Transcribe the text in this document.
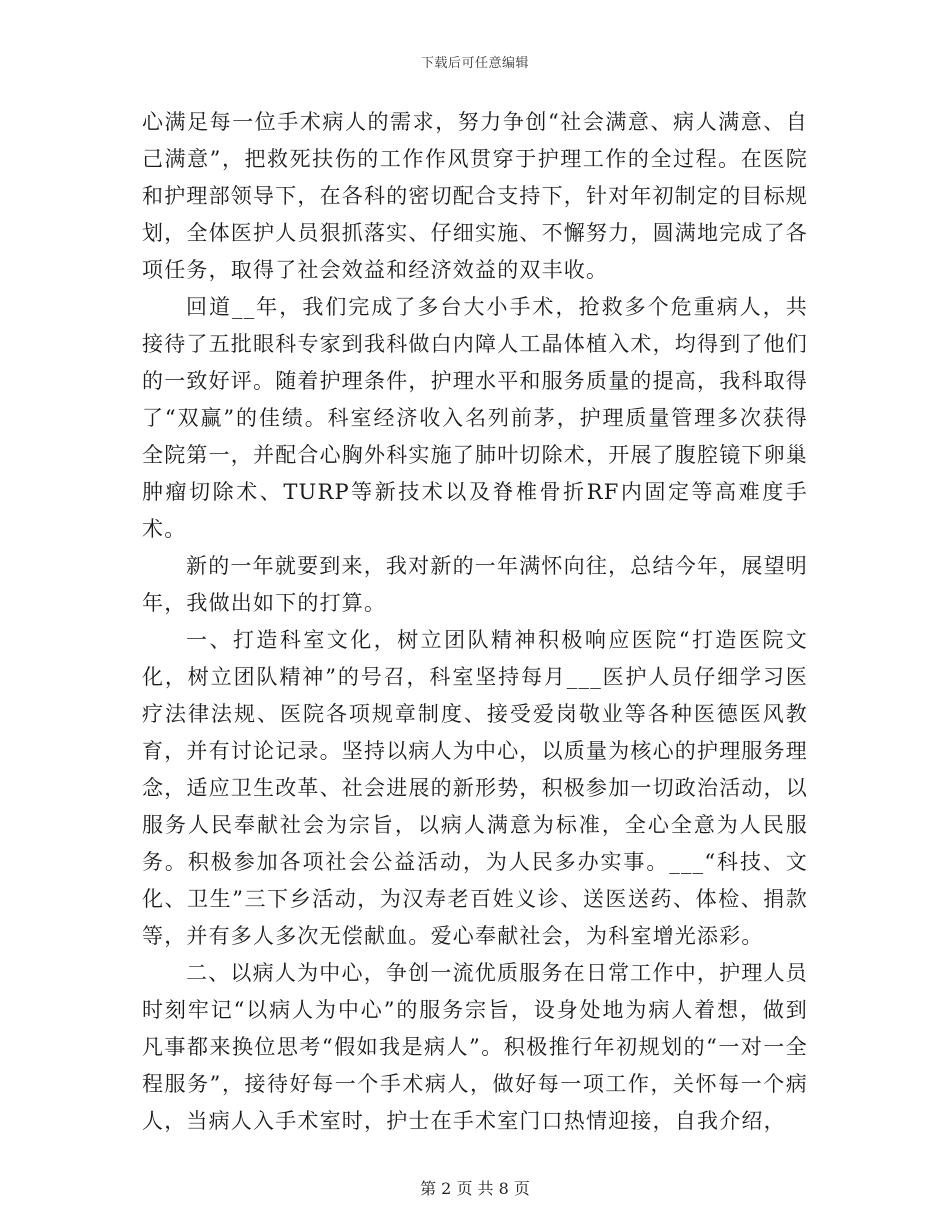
下载后可任意编辑

心满足每一位手术病人的需求，努力争创“社会满意、病人满意、自己满意”，把救死扶伤的工作作风贯穿于护理工作的全过程。在医院和护理部领导下，在各科的密切配合支持下，针对年初制定的目标规划，全体医护人员狠抓落实、仔细实施、不懈努力，圆满地完成了各项任务，取得了社会效益和经济效益的双丰收。

回道__年，我们完成了多台大小手术，抢救多个危重病人，共接待了五批眼科专家到我科做白内障人工晶体植入术，均得到了他们的一致好评。随着护理条件，护理水平和服务质量的提高，我科取得了“双赢”的佳绩。科室经济收入名列前茅，护理质量管理多次获得全院第一，并配合心胸外科实施了肺叶切除术，开展了腹腔镜下卵巢肿瘤切除术、TURP等新技术以及脊椎骨折RF内固定等高难度手术。

新的一年就要到来，我对新的一年满怀向往，总结今年，展望明年，我做出如下的打算。

一、打造科室文化，树立团队精神积极响应医院“打造医院文化，树立团队精神”的号召，科室坚持每月___医护人员仔细学习医疗法律法规、医院各项规章制度、接受爱岗敬业等各种医德医风教育，并有讨论记录。坚持以病人为中心，以质量为核心的护理服务理念，适应卫生改革、社会进展的新形势，积极参加一切政治活动，以服务人民奉献社会为宗旨，以病人满意为标准，全心全意为人民服务。积极参加各项社会公益活动，为人民多办实事。___“科技、文化、卫生”三下乡活动，为汉寿老百姓义诊、送医送药、体检、捐款等，并有多人多次无偿献血。爱心奉献社会，为科室增光添彩。

二、以病人为中心，争创一流优质服务在日常工作中，护理人员时刻牢记“以病人为中心”的服务宗旨，设身处地为病人着想，做到凡事都来换位思考“假如我是病人”。积极推行年初规划的“一对一全程服务”，接待好每一个手术病人，做好每一项工作，关怀每一个病人，当病人入手术室时，护士在手术室门口热情迎接，自我介绍，

第 2 页 共 8 页
